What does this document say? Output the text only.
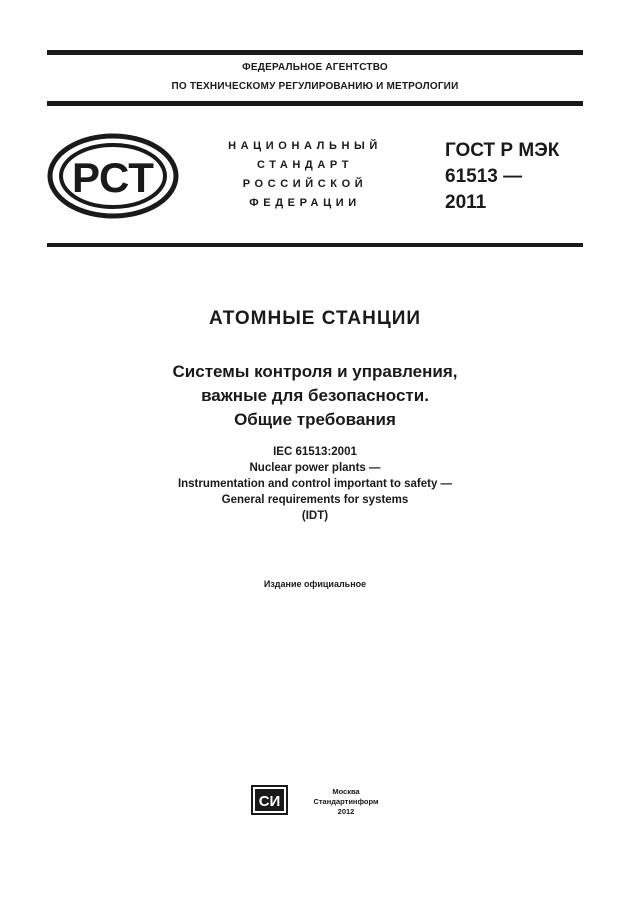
ФЕДЕРАЛЬНОЕ АГЕНТСТВО
ПО ТЕХНИЧЕСКОМУ РЕГУЛИРОВАНИЮ И МЕТРОЛОГИИ
РСТ
НАЦИОНАЛЬНЫЙ
СТАНДАРТ
РОССИЙСКОЙ
ФЕДЕРАЦИИ
ГОСТ Р МЭК
61513 —
2011
АТОМНЫЕ СТАНЦИИ
Системы контроля и управления,
важные для безопасности.
Общие требования
IEC 61513:2001
Nuclear power plants —
Instrumentation and control important to safety —
General requirements for systems
(IDT)
Издание официальное
СИ
Москва
Стандартинформ
2012
